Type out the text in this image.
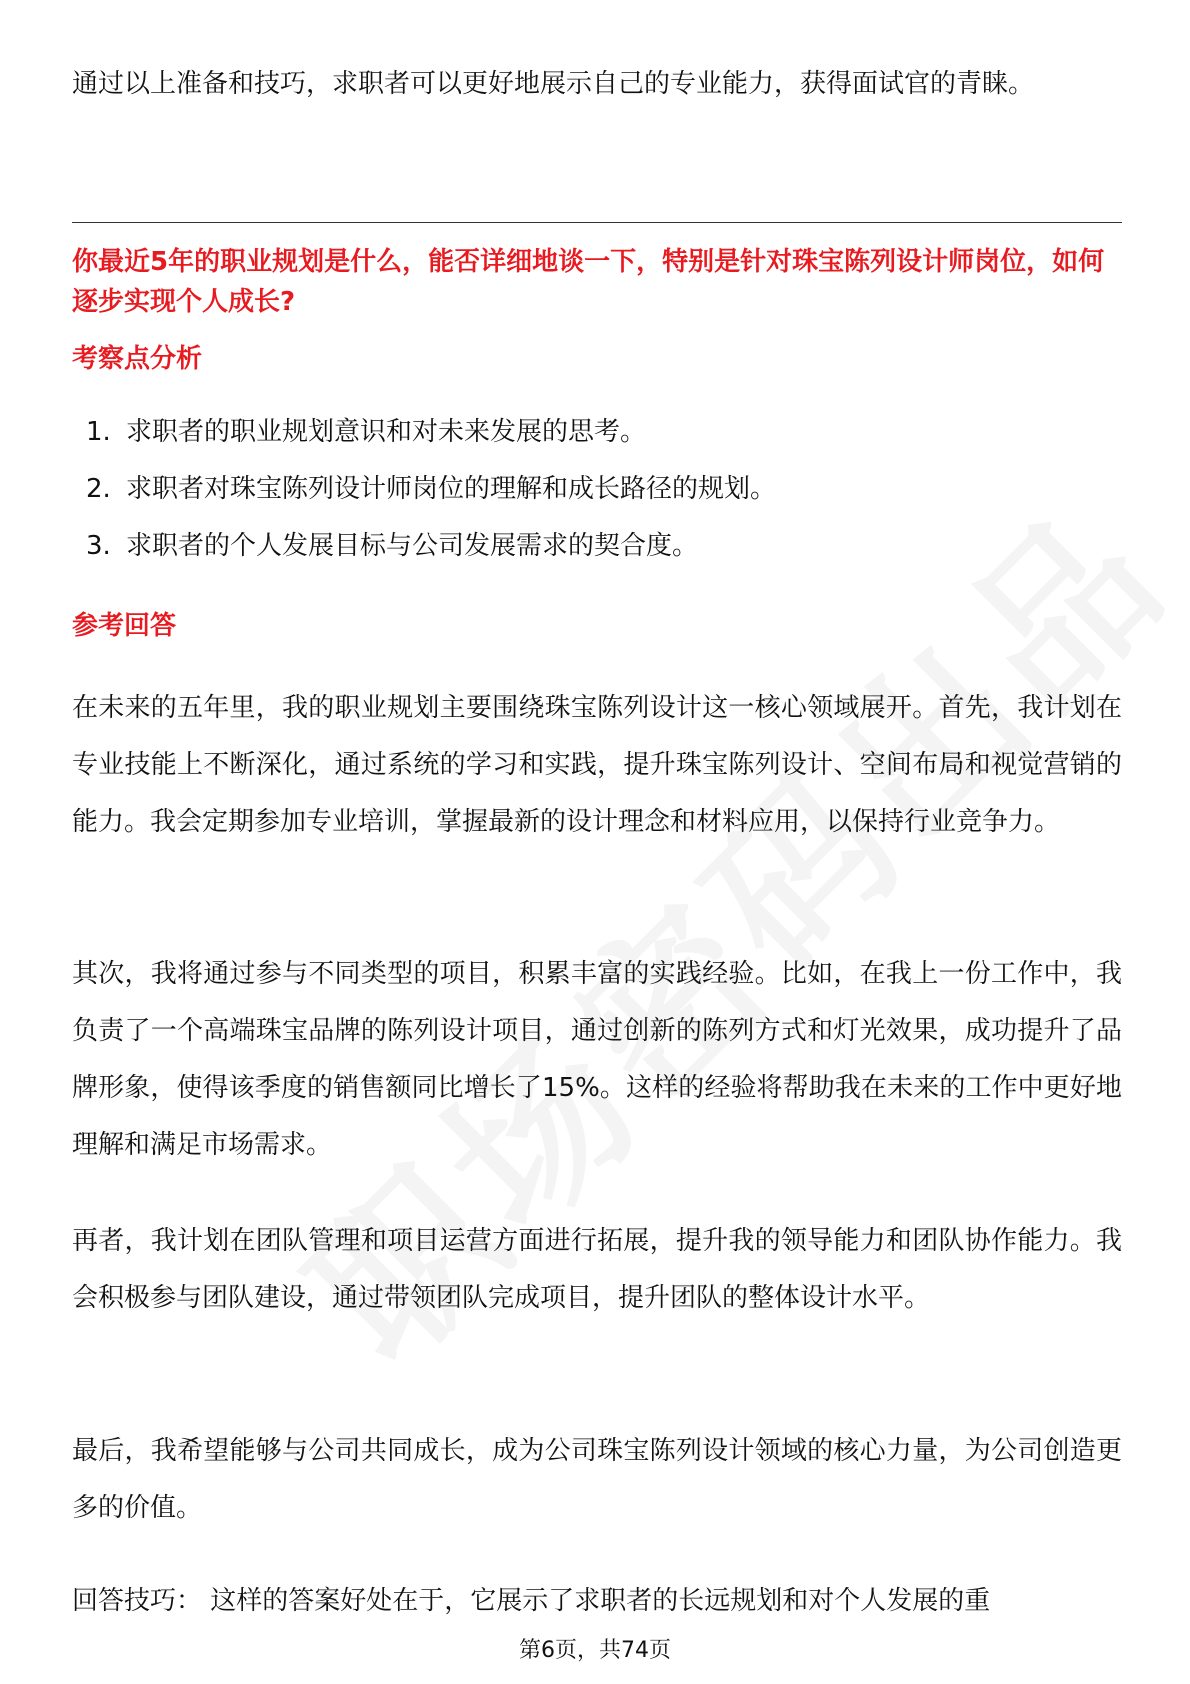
通过以上准备和技巧，求职者可以更好地展示自己的专业能力，获得面试官的青睐。

你最近5年的职业规划是什么，能否详细地谈一下，特别是针对珠宝陈列设计师岗位，如何逐步实现个人成长?

考察点分析
1. 求职者的职业规划意识和对未来发展的思考。
2. 求职者对珠宝陈列设计师岗位的理解和成长路径的规划。
3. 求职者的个人发展目标与公司发展需求的契合度。
参考回答

在未来的五年里，我的职业规划主要围绕珠宝陈列设计这一核心领域展开。首先，我计划在专业技能上不断深化，通过系统的学习和实践，提升珠宝陈列设计、空间布局和视觉营销的能力。我会定期参加专业培训，掌握最新的设计理念和材料应用，以保持行业竞争力。

其次，我将通过参与不同类型的项目，积累丰富的实践经验。比如，在我上一份工作中，我负责了一个高端珠宝品牌的陈列设计项目，通过创新的陈列方式和灯光效果，成功提升了品牌形象，使得该季度的销售额同比增长了15%。这样的经验将帮助我在未来的工作中更好地理解和满足市场需求。

再者，我计划在团队管理和项目运营方面进行拓展，提升我的领导能力和团队协作能力。我会积极参与团队建设，通过带领团队完成项目，提升团队的整体设计水平。

最后，我希望能够与公司共同成长，成为公司珠宝陈列设计领域的核心力量，为公司创造更多的价值。

回答技巧： 这样的答案好处在于，它展示了求职者的长远规划和对个人发展的重

第6页，共74页
